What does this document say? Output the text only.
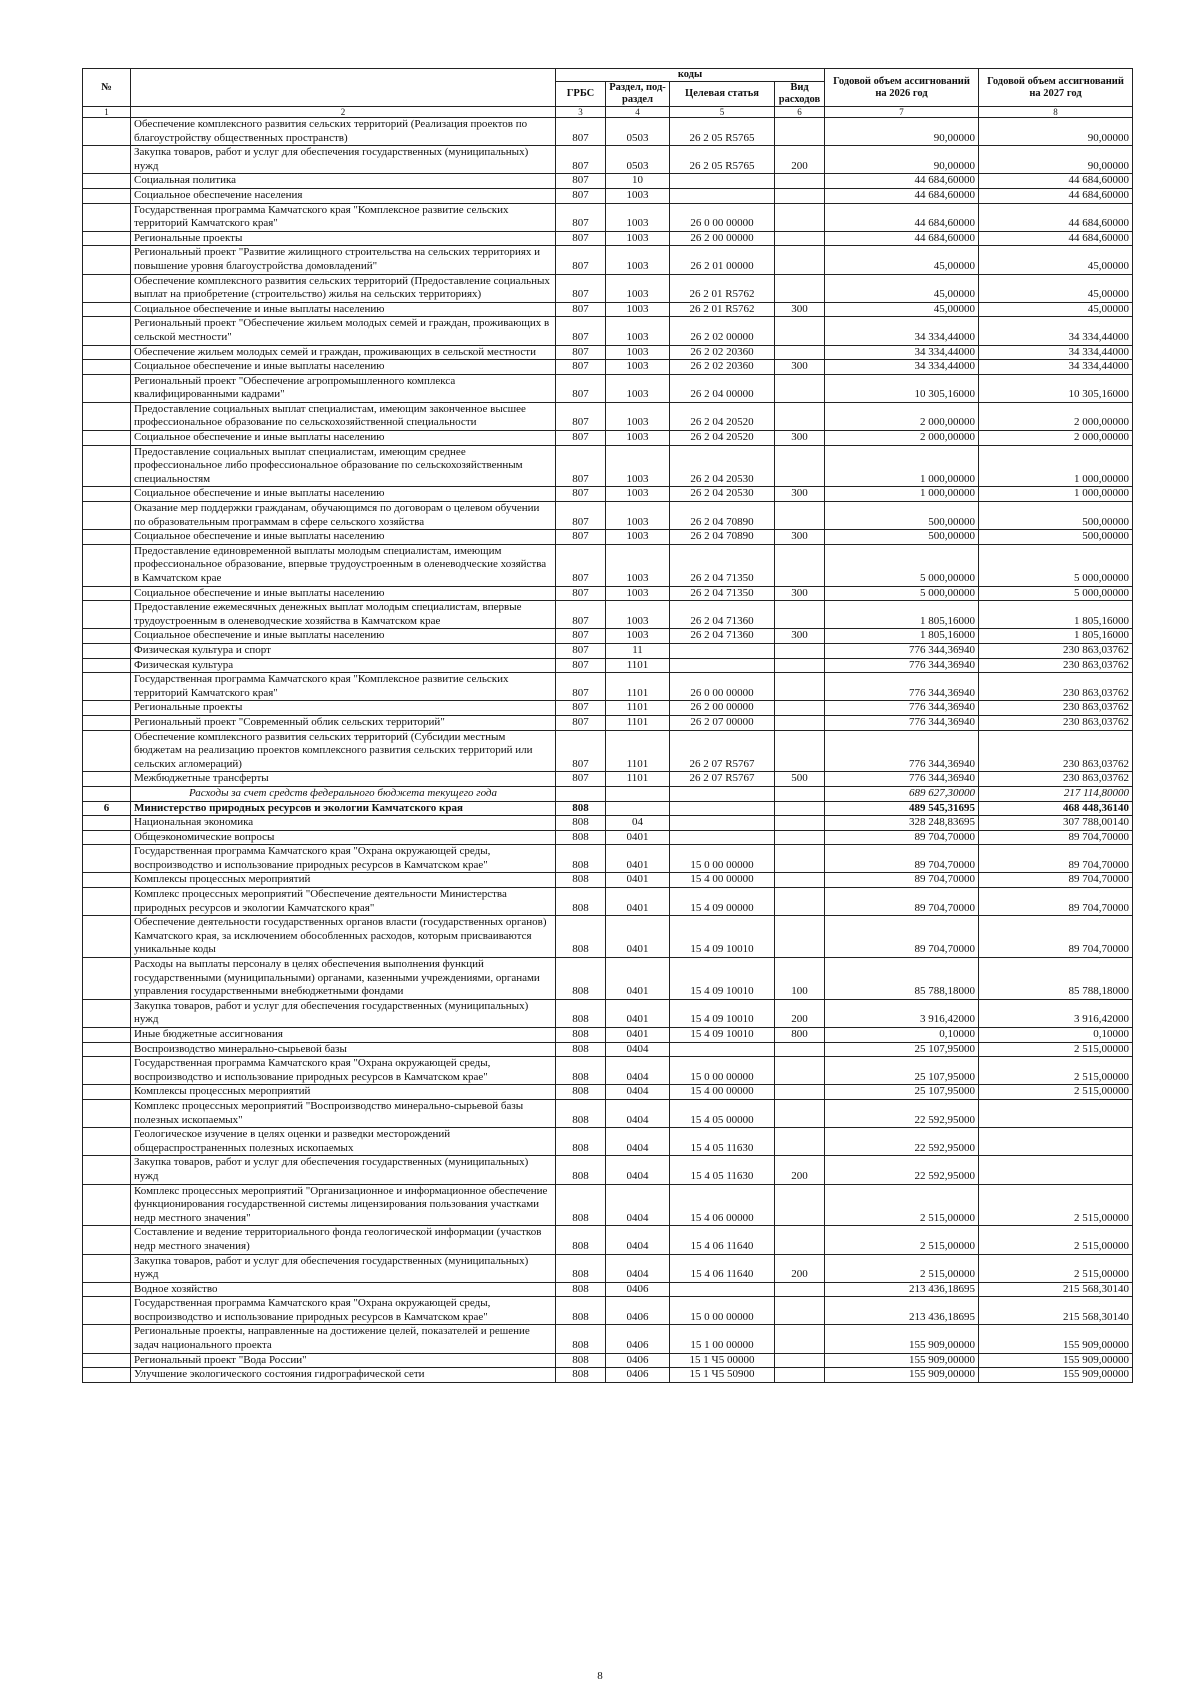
№		коды				Годовой объем ассигнований на 2026 год	Годовой объем ассигнований на 2027 год
		ГРБС	Раздел, под-раздел	Целевая статья	Вид расходов		
1	2	3	4	5	6	7	8
	Обеспечение комплексного развития сельских территорий (Реализация проектов по благоустройству общественных пространств)	807	0503	26 2 05 R5765		90,00000	90,00000
	Закупка товаров, работ и услуг для обеспечения государственных (муниципальных) нужд	807	0503	26 2 05 R5765	200	90,00000	90,00000
	Социальная политика	807	10			44 684,60000	44 684,60000
	Социальное обеспечение населения	807	1003			44 684,60000	44 684,60000
	Государственная программа Камчатского края "Комплексное развитие сельских территорий Камчатского края"	807	1003	26 0 00 00000		44 684,60000	44 684,60000
	Региональные проекты	807	1003	26 2 00 00000		44 684,60000	44 684,60000
	Региональный проект "Развитие жилищного строительства на сельских территориях и повышение уровня благоустройства домовладений"	807	1003	26 2 01 00000		45,00000	45,00000
	Обеспечение комплексного развития сельских территорий (Предоставление социальных выплат на приобретение (строительство) жилья на сельских территориях)	807	1003	26 2 01 R5762		45,00000	45,00000
	Социальное обеспечение и иные выплаты населению	807	1003	26 2 01 R5762	300	45,00000	45,00000
	Региональный проект "Обеспечение жильем молодых семей и граждан, проживающих в сельской местности"	807	1003	26 2 02 00000		34 334,44000	34 334,44000
	Обеспечение жильем молодых семей и граждан, проживающих в сельской местности	807	1003	26 2 02 20360		34 334,44000	34 334,44000
	Социальное обеспечение и иные выплаты населению	807	1003	26 2 02 20360	300	34 334,44000	34 334,44000
	Региональный проект "Обеспечение агропромышленного комплекса квалифицированными кадрами"	807	1003	26 2 04 00000		10 305,16000	10 305,16000
	Предоставление социальных выплат специалистам, имеющим законченное высшее профессиональное образование по сельскохозяйственной специальности	807	1003	26 2 04 20520		2 000,00000	2 000,00000
	Социальное обеспечение и иные выплаты населению	807	1003	26 2 04 20520	300	2 000,00000	2 000,00000
	Предоставление социальных выплат специалистам, имеющим среднее профессиональное либо профессиональное образование по сельскохозяйственным специальностям	807	1003	26 2 04 20530		1 000,00000	1 000,00000
	Социальное обеспечение и иные выплаты населению	807	1003	26 2 04 20530	300	1 000,00000	1 000,00000
	Оказание мер поддержки гражданам, обучающимся по договорам о целевом обучении по образовательным программам в сфере сельского хозяйства	807	1003	26 2 04 70890		500,00000	500,00000
	Социальное обеспечение и иные выплаты населению	807	1003	26 2 04 70890	300	500,00000	500,00000
	Предоставление единовременной выплаты молодым специалистам, имеющим профессиональное образование, впервые трудоустроенным в оленеводческие хозяйства в Камчатском крае	807	1003	26 2 04 71350		5 000,00000	5 000,00000
	Социальное обеспечение и иные выплаты населению	807	1003	26 2 04 71350	300	5 000,00000	5 000,00000
	Предоставление ежемесячных денежных выплат молодым специалистам, впервые трудоустроенным в оленеводческие хозяйства в Камчатском крае	807	1003	26 2 04 71360		1 805,16000	1 805,16000
	Социальное обеспечение и иные выплаты населению	807	1003	26 2 04 71360	300	1 805,16000	1 805,16000
	Физическая культура и спорт	807	11			776 344,36940	230 863,03762
	Физическая культура	807	1101			776 344,36940	230 863,03762
	Государственная программа Камчатского края "Комплексное развитие сельских территорий Камчатского края"	807	1101	26 0 00 00000		776 344,36940	230 863,03762
	Региональные проекты	807	1101	26 2 00 00000		776 344,36940	230 863,03762
	Региональный проект "Современный облик сельских территорий"	807	1101	26 2 07 00000		776 344,36940	230 863,03762
	Обеспечение комплексного развития сельских территорий (Субсидии местным бюджетам на реализацию проектов комплексного развития сельских территорий или сельских агломераций)	807	1101	26 2 07 R5767		776 344,36940	230 863,03762
	Межбюджетные трансферты	807	1101	26 2 07 R5767	500	776 344,36940	230 863,03762
	Расходы за счет средств федерального бюджета текущего года					689 627,30000	217 114,80000
6	Министерство природных ресурсов и экологии Камчатского края	808				489 545,31695	468 448,36140
	Национальная экономика	808	04			328 248,83695	307 788,00140
	Общеэкономические вопросы	808	0401			89 704,70000	89 704,70000
	Государственная программа Камчатского края "Охрана окружающей среды, воспроизводство и использование природных ресурсов в Камчатском крае"	808	0401	15 0 00 00000		89 704,70000	89 704,70000
	Комплексы процессных мероприятий	808	0401	15 4 00 00000		89 704,70000	89 704,70000
	Комплекс процессных мероприятий "Обеспечение деятельности Министерства природных ресурсов и экологии Камчатского края"	808	0401	15 4 09 00000		89 704,70000	89 704,70000
	Обеспечение деятельности государственных органов власти (государственных органов) Камчатского края, за исключением обособленных расходов, которым присваиваются уникальные коды	808	0401	15 4 09 10010		89 704,70000	89 704,70000
	Расходы на выплаты персоналу в целях обеспечения выполнения функций государственными (муниципальными) органами, казенными учреждениями, органами управления государственными внебюджетными фондами	808	0401	15 4 09 10010	100	85 788,18000	85 788,18000
	Закупка товаров, работ и услуг для обеспечения государственных (муниципальных) нужд	808	0401	15 4 09 10010	200	3 916,42000	3 916,42000
	Иные бюджетные ассигнования	808	0401	15 4 09 10010	800	0,10000	0,10000
	Воспроизводство минерально-сырьевой базы	808	0404			25 107,95000	2 515,00000
	Государственная программа Камчатского края "Охрана окружающей среды, воспроизводство и использование природных ресурсов в Камчатском крае"	808	0404	15 0 00 00000		25 107,95000	2 515,00000
	Комплексы процессных мероприятий	808	0404	15 4 00 00000		25 107,95000	2 515,00000
	Комплекс процессных мероприятий "Воспроизводство минерально-сырьевой базы полезных ископаемых"	808	0404	15 4 05 00000		22 592,95000	
	Геологическое изучение в целях оценки и разведки месторождений общераспространенных полезных ископаемых	808	0404	15 4 05 11630		22 592,95000	
	Закупка товаров, работ и услуг для обеспечения государственных (муниципальных) нужд	808	0404	15 4 05 11630	200	22 592,95000	
	Комплекс процессных мероприятий "Организационное и информационное обеспечение функционирования государственной системы лицензирования пользования участками недр местного значения"	808	0404	15 4 06 00000		2 515,00000	2 515,00000
	Составление и ведение территориального фонда геологической информации (участков недр местного значения)	808	0404	15 4 06 11640		2 515,00000	2 515,00000
	Закупка товаров, работ и услуг для обеспечения государственных (муниципальных) нужд	808	0404	15 4 06 11640	200	2 515,00000	2 515,00000
	Водное хозяйство	808	0406			213 436,18695	215 568,30140
	Государственная программа Камчатского края "Охрана окружающей среды, воспроизводство и использование природных ресурсов в Камчатском крае"	808	0406	15 0 00 00000		213 436,18695	215 568,30140
	Региональные проекты, направленные на достижение целей, показателей и решение задач национального проекта	808	0406	15 1 00 00000		155 909,00000	155 909,00000
	Региональный проект "Вода России"	808	0406	15 1 Ч5 00000		155 909,00000	155 909,00000
	Улучшение экологического состояния гидрографической сети	808	0406	15 1 Ч5 50900		155 909,00000	155 909,00000
8
